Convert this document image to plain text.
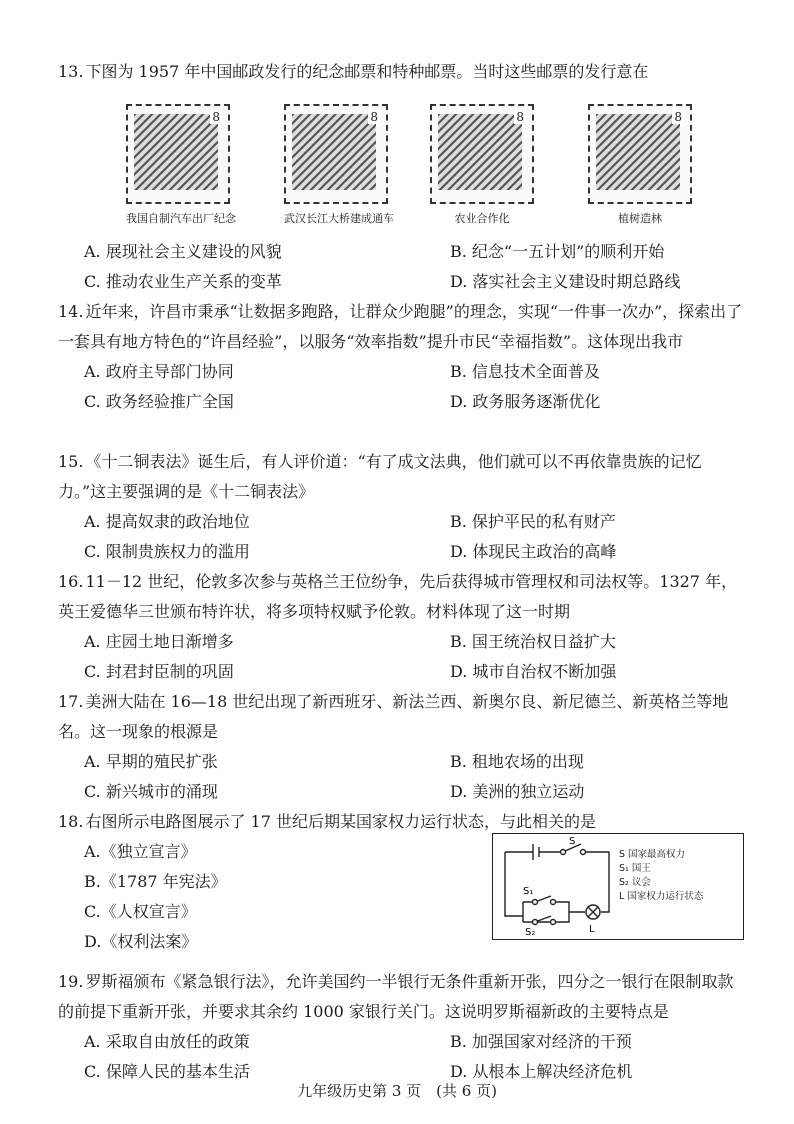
13. 下图为 1957 年中国邮政发行的纪念邮票和特种邮票。当时这些邮票的发行意在
8
我国自制汽车出厂纪念
8
武汉长江大桥建成通车
8
农业合作化
8
植树造林
A. 展现社会主义建设的风貌	B. 纪念“一五计划”的顺利开始
C. 推动农业生产关系的变革	D. 落实社会主义建设时期总路线
14. 近年来，许昌市秉承“让数据多跑路，让群众少跑腿”的理念，实现“一件事一次办”，探索出了一套具有地方特色的“许昌经验”，以服务“效率指数”提升市民“幸福指数”。这体现出我市
A. 政府主导部门协同	B. 信息技术全面普及
C. 政务经验推广全国	D. 政务服务逐渐优化
15. 《十二铜表法》诞生后，有人评价道：“有了成文法典，他们就可以不再依靠贵族的记忆力。”这主要强调的是《十二铜表法》
A. 提高奴隶的政治地位	B. 保护平民的私有财产
C. 限制贵族权力的滥用	D. 体现民主政治的高峰
16. 11－12 世纪，伦敦多次参与英格兰王位纷争，先后获得城市管理权和司法权等。1327 年，英王爱德华三世颁布特许状，将多项特权赋予伦敦。材料体现了这一时期
A. 庄园土地日渐增多	B. 国王统治权日益扩大
C. 封君封臣制的巩固	D. 城市自治权不断加强
17. 美洲大陆在 16—18 世纪出现了新西班牙、新法兰西、新奥尔良、新尼德兰、新英格兰等地名。这一现象的根源是
A. 早期的殖民扩张	B. 租地农场的出现
C. 新兴城市的涌现	D. 美洲的独立运动
18. 右图所示电路图展示了 17 世纪后期某国家权力运行状态，与此相关的是
A.《独立宣言》
B.《1787 年宪法》
C.《人权宣言》
D.《权利法案》
S
S₁
S₂	L
S 国家最高权力
S₁ 国王
S₂ 议会
L 国家权力运行状态
19. 罗斯福颁布《紧急银行法》，允许美国约一半银行无条件重新开张，四分之一银行在限制取款的前提下重新开张，并要求其余约 1000 家银行关门。这说明罗斯福新政的主要特点是
A. 采取自由放任的政策	B. 加强国家对经济的干预
C. 保障人民的基本生活	D. 从根本上解决经济危机
九年级历史第 3 页　(共 6 页)
